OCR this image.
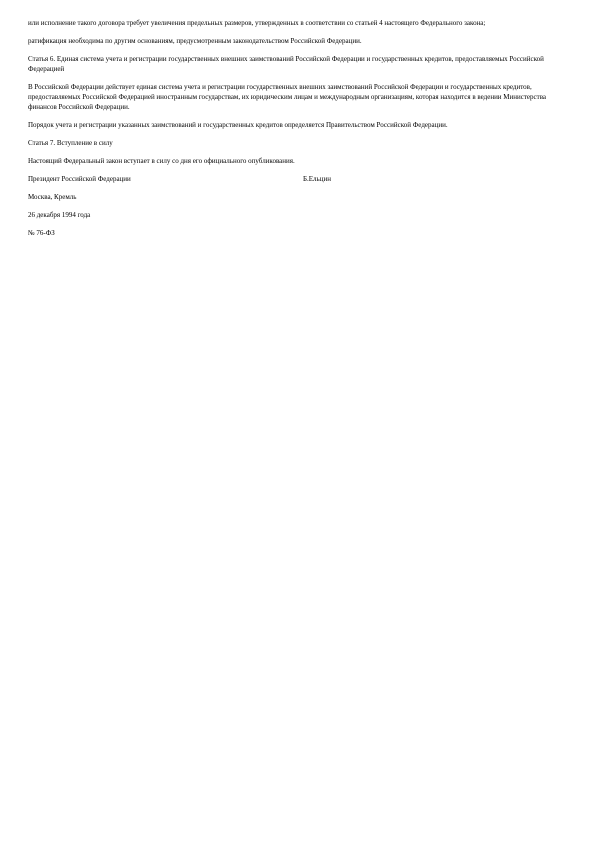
или исполнение такого договора требует увеличения предельных размеров, утвержденных в соответствии со статьей 4 настоящего Федерального закона;

ратификация необходима по другим основаниям, предусмотренным законодательством Российской Федерации.

Статья 6. Единая система учета и регистрации государственных внешних заимствований Российской Федерации и государственных кредитов, предоставляемых Российской Федерацией

В Российской Федерации действует единая система учета и регистрации государственных внешних заимствований Российской Федерации и государственных кредитов, предоставляемых Российской Федерацией иностранным государствам, их юридическим лицам и международным организациям, которая находится в ведении Министерства финансов Российской Федерации.

Порядок учета и регистрации указанных заимствований и государственных кредитов определяется Правительством Российской Федерации.

Статья 7. Вступление в силу

Настоящий Федеральный закон вступает в силу со дня его официального опубликования.

Президент Российской Федерации	Б.Ельцин

Москва, Кремль

26 декабря 1994 года

№ 76-ФЗ
